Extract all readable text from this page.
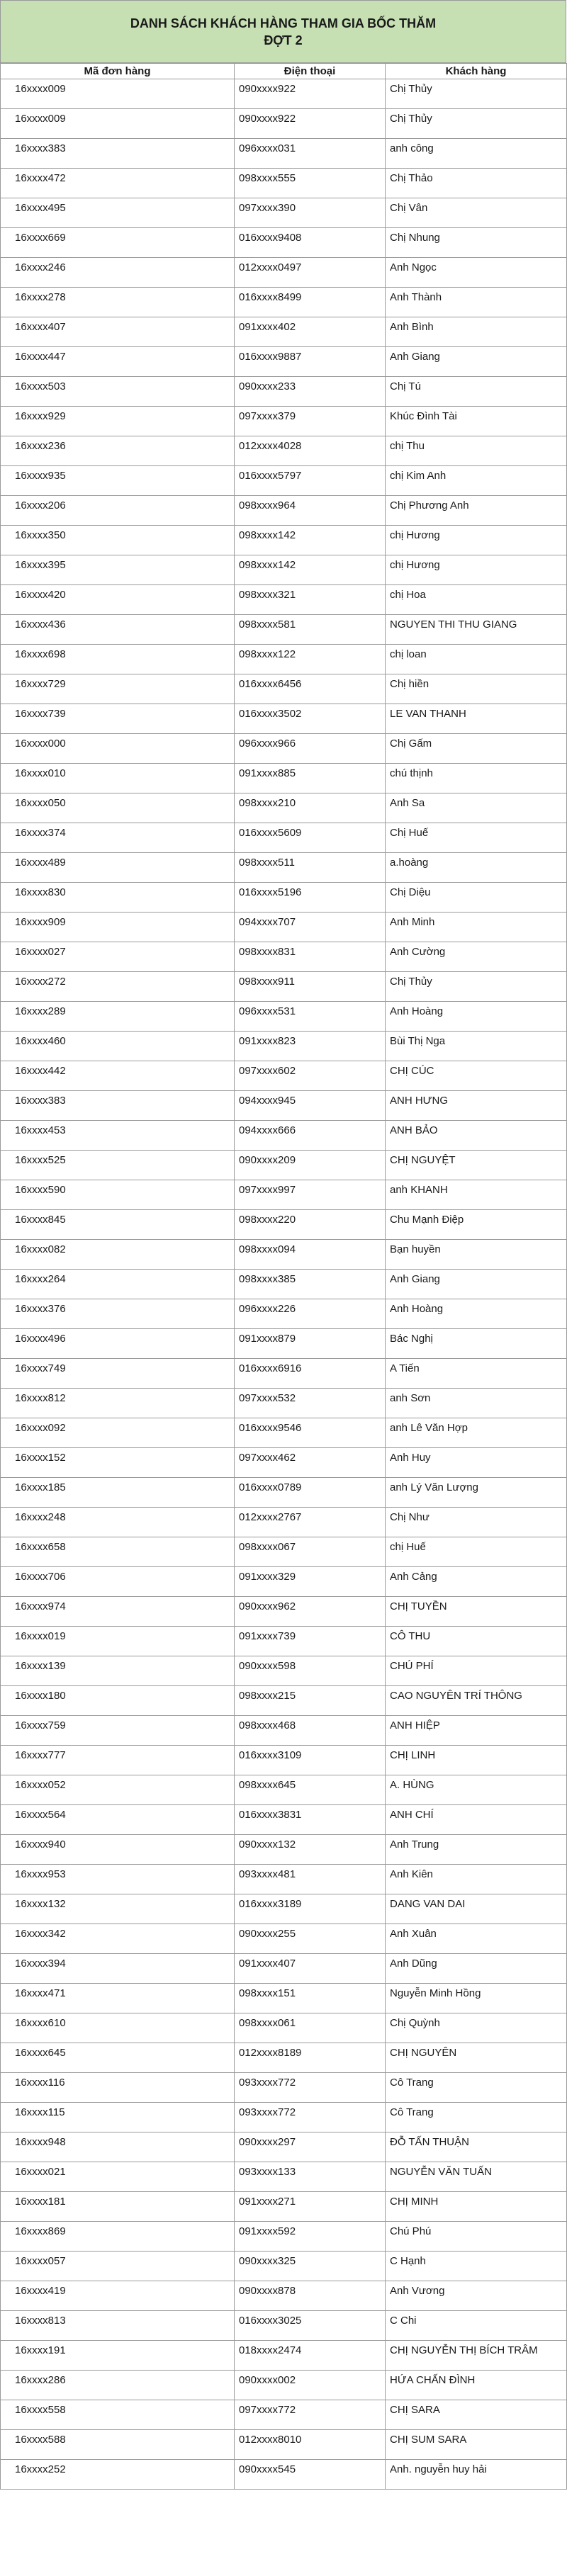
DANH SÁCH KHÁCH HÀNG THAM GIA BỐC THĂM
ĐỢT 2
Mã đơn hàng	Điện thoại	Khách hàng
16xxxx009	090xxxx922	Chị Thủy
16xxxx009	090xxxx922	Chị Thủy
16xxxx383	096xxxx031	anh công
16xxxx472	098xxxx555	Chị Thảo
16xxxx495	097xxxx390	Chị Vân
16xxxx669	016xxxx9408	Chị Nhung
16xxxx246	012xxxx0497	Anh Ngọc
16xxxx278	016xxxx8499	Anh Thành
16xxxx407	091xxxx402	Anh Bình
16xxxx447	016xxxx9887	Anh Giang
16xxxx503	090xxxx233	Chị Tú
16xxxx929	097xxxx379	Khúc Đình Tài
16xxxx236	012xxxx4028	chị Thu
16xxxx935	016xxxx5797	chị Kim Anh
16xxxx206	098xxxx964	Chị Phương Anh
16xxxx350	098xxxx142	chị Hương
16xxxx395	098xxxx142	chị Hương
16xxxx420	098xxxx321	chị Hoa
16xxxx436	098xxxx581	NGUYEN THI THU GIANG
16xxxx698	098xxxx122	chị loan
16xxxx729	016xxxx6456	Chị hiền
16xxxx739	016xxxx3502	LE VAN THANH
16xxxx000	096xxxx966	Chị Gấm
16xxxx010	091xxxx885	chú thịnh
16xxxx050	098xxxx210	Anh Sa
16xxxx374	016xxxx5609	Chị Huế
16xxxx489	098xxxx511	a.hoàng
16xxxx830	016xxxx5196	Chị Diệu
16xxxx909	094xxxx707	Anh Minh
16xxxx027	098xxxx831	Anh Cường
16xxxx272	098xxxx911	Chị Thủy
16xxxx289	096xxxx531	Anh Hoàng
16xxxx460	091xxxx823	Bùi Thị Nga
16xxxx442	097xxxx602	CHỊ CÚC
16xxxx383	094xxxx945	ANH HƯNG
16xxxx453	094xxxx666	ANH BẢO
16xxxx525	090xxxx209	CHỊ NGUYỆT
16xxxx590	097xxxx997	anh KHANH
16xxxx845	098xxxx220	Chu Mạnh Điệp
16xxxx082	098xxxx094	Bạn huyền
16xxxx264	098xxxx385	Anh Giang
16xxxx376	096xxxx226	Anh Hoàng
16xxxx496	091xxxx879	Bác Nghị
16xxxx749	016xxxx6916	A Tiến
16xxxx812	097xxxx532	anh Sơn
16xxxx092	016xxxx9546	anh Lê Văn Hợp
16xxxx152	097xxxx462	Anh Huy
16xxxx185	016xxxx0789	anh Lý Văn Lượng
16xxxx248	012xxxx2767	Chị Như
16xxxx658	098xxxx067	chị Huế
16xxxx706	091xxxx329	Anh Cảng
16xxxx974	090xxxx962	CHỊ TUYỀN
16xxxx019	091xxxx739	CÔ THU
16xxxx139	090xxxx598	CHÚ PHÍ
16xxxx180	098xxxx215	CAO NGUYÊN TRÍ THÔNG
16xxxx759	098xxxx468	ANH HIỆP
16xxxx777	016xxxx3109	CHỊ LINH
16xxxx052	098xxxx645	A. HÙNG
16xxxx564	016xxxx3831	ANH CHÍ
16xxxx940	090xxxx132	Anh Trung
16xxxx953	093xxxx481	Anh Kiên
16xxxx132	016xxxx3189	DANG VAN DAI
16xxxx342	090xxxx255	Anh Xuân
16xxxx394	091xxxx407	Anh Dũng
16xxxx471	098xxxx151	Nguyễn Minh Hồng
16xxxx610	098xxxx061	Chị Quỳnh
16xxxx645	012xxxx8189	CHỊ NGUYÊN
16xxxx116	093xxxx772	Cô Trang
16xxxx115	093xxxx772	Cô Trang
16xxxx948	090xxxx297	ĐỖ TẤN THUẬN
16xxxx021	093xxxx133	NGUYỄN VĂN TUẤN
16xxxx181	091xxxx271	CHỊ MINH
16xxxx869	091xxxx592	Chú Phú
16xxxx057	090xxxx325	C Hạnh
16xxxx419	090xxxx878	Anh Vương
16xxxx813	016xxxx3025	C Chi
16xxxx191	018xxxx2474	CHỊ NGUYỄN THỊ BÍCH TRÂM
16xxxx286	090xxxx002	HỨA CHẤN ĐÌNH
16xxxx558	097xxxx772	CHỊ SARA
16xxxx588	012xxxx8010	CHỊ SUM SARA
16xxxx252	090xxxx545	Anh. nguyễn huy hải
